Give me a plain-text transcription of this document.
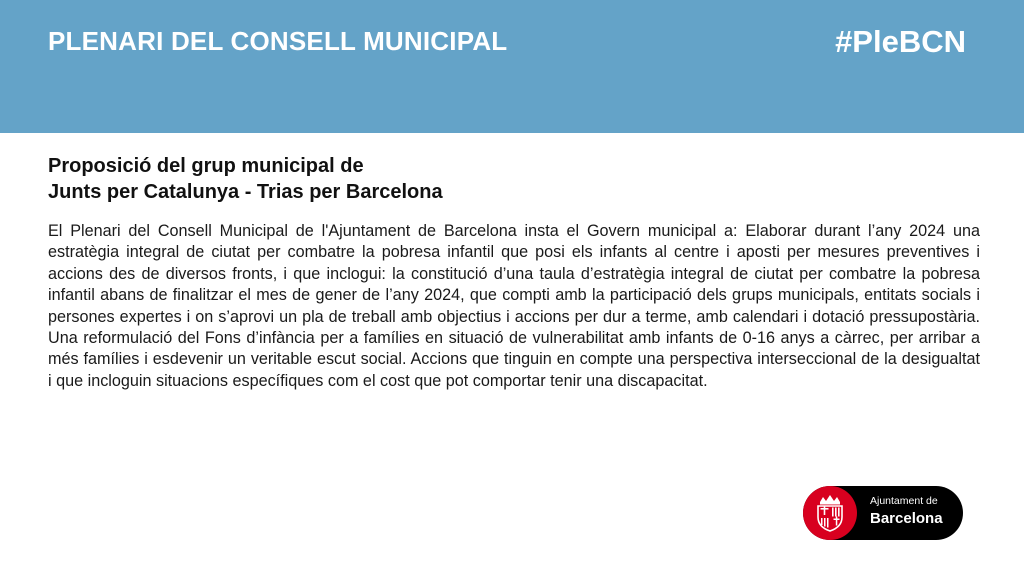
PLENARI DEL CONSELL MUNICIPAL	#PleBCN
Proposició del grup municipal de
Junts per Catalunya - Trias per Barcelona

El Plenari del Consell Municipal de l'Ajuntament de Barcelona insta el Govern municipal a: Elaborar durant l’any 2024 una estratègia integral de ciutat per combatre la pobresa infantil que posi els infants al centre i aposti per mesures preventives i accions des de diversos fronts, i que inclogui: la constitució d’una taula d’estratègia integral de ciutat per combatre la pobresa infantil abans de finalitzar el mes de gener de l’any 2024, que compti amb la participació dels grups municipals, entitats socials i persones expertes i on s’aprovi un pla de treball amb objectius i accions per dur a terme, amb calendari i dotació pressupostària. Una reformulació del Fons d’infància per a famílies en situació de vulnerabilitat amb infants de 0-16 anys a càrrec, per arribar a més famílies i esdevenir un veritable escut social. Accions que tinguin en compte una perspectiva interseccional de la desigualtat i que incloguin situacions específiques com el cost que pot comportar tenir una discapacitat.

Ajuntament de
Barcelona
